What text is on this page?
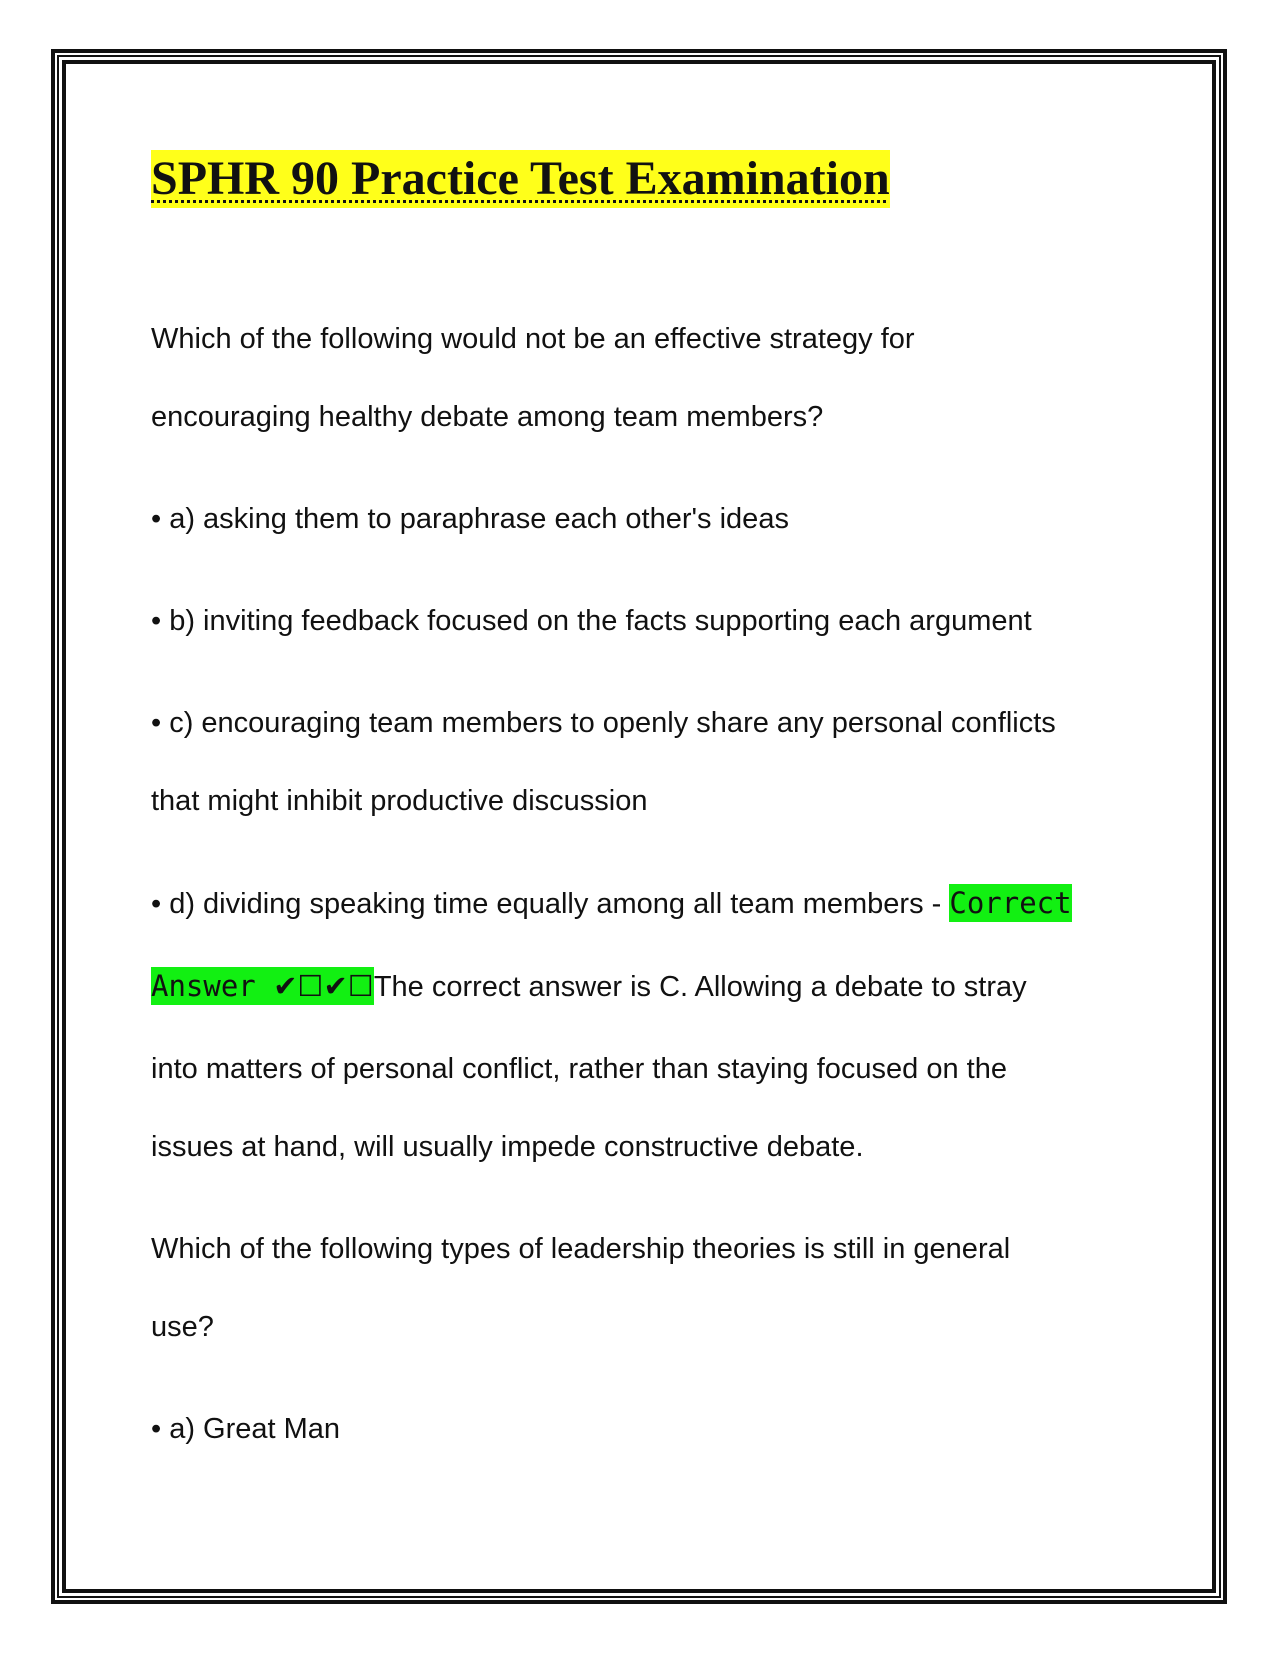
SPHR 90 Practice Test Examination

Which of the following would not be an effective strategy for

encouraging healthy debate among team members?

• a) asking them to paraphrase each other's ideas

• b) inviting feedback focused on the facts supporting each argument

• c) encouraging team members to openly share any personal conflicts

that might inhibit productive discussion

• d) dividing speaking time equally among all team members - Correct

Answer ✔☐✔☐The correct answer is C. Allowing a debate to stray

into matters of personal conflict, rather than staying focused on the

issues at hand, will usually impede constructive debate.

Which of the following types of leadership theories is still in general

use?

• a) Great Man
